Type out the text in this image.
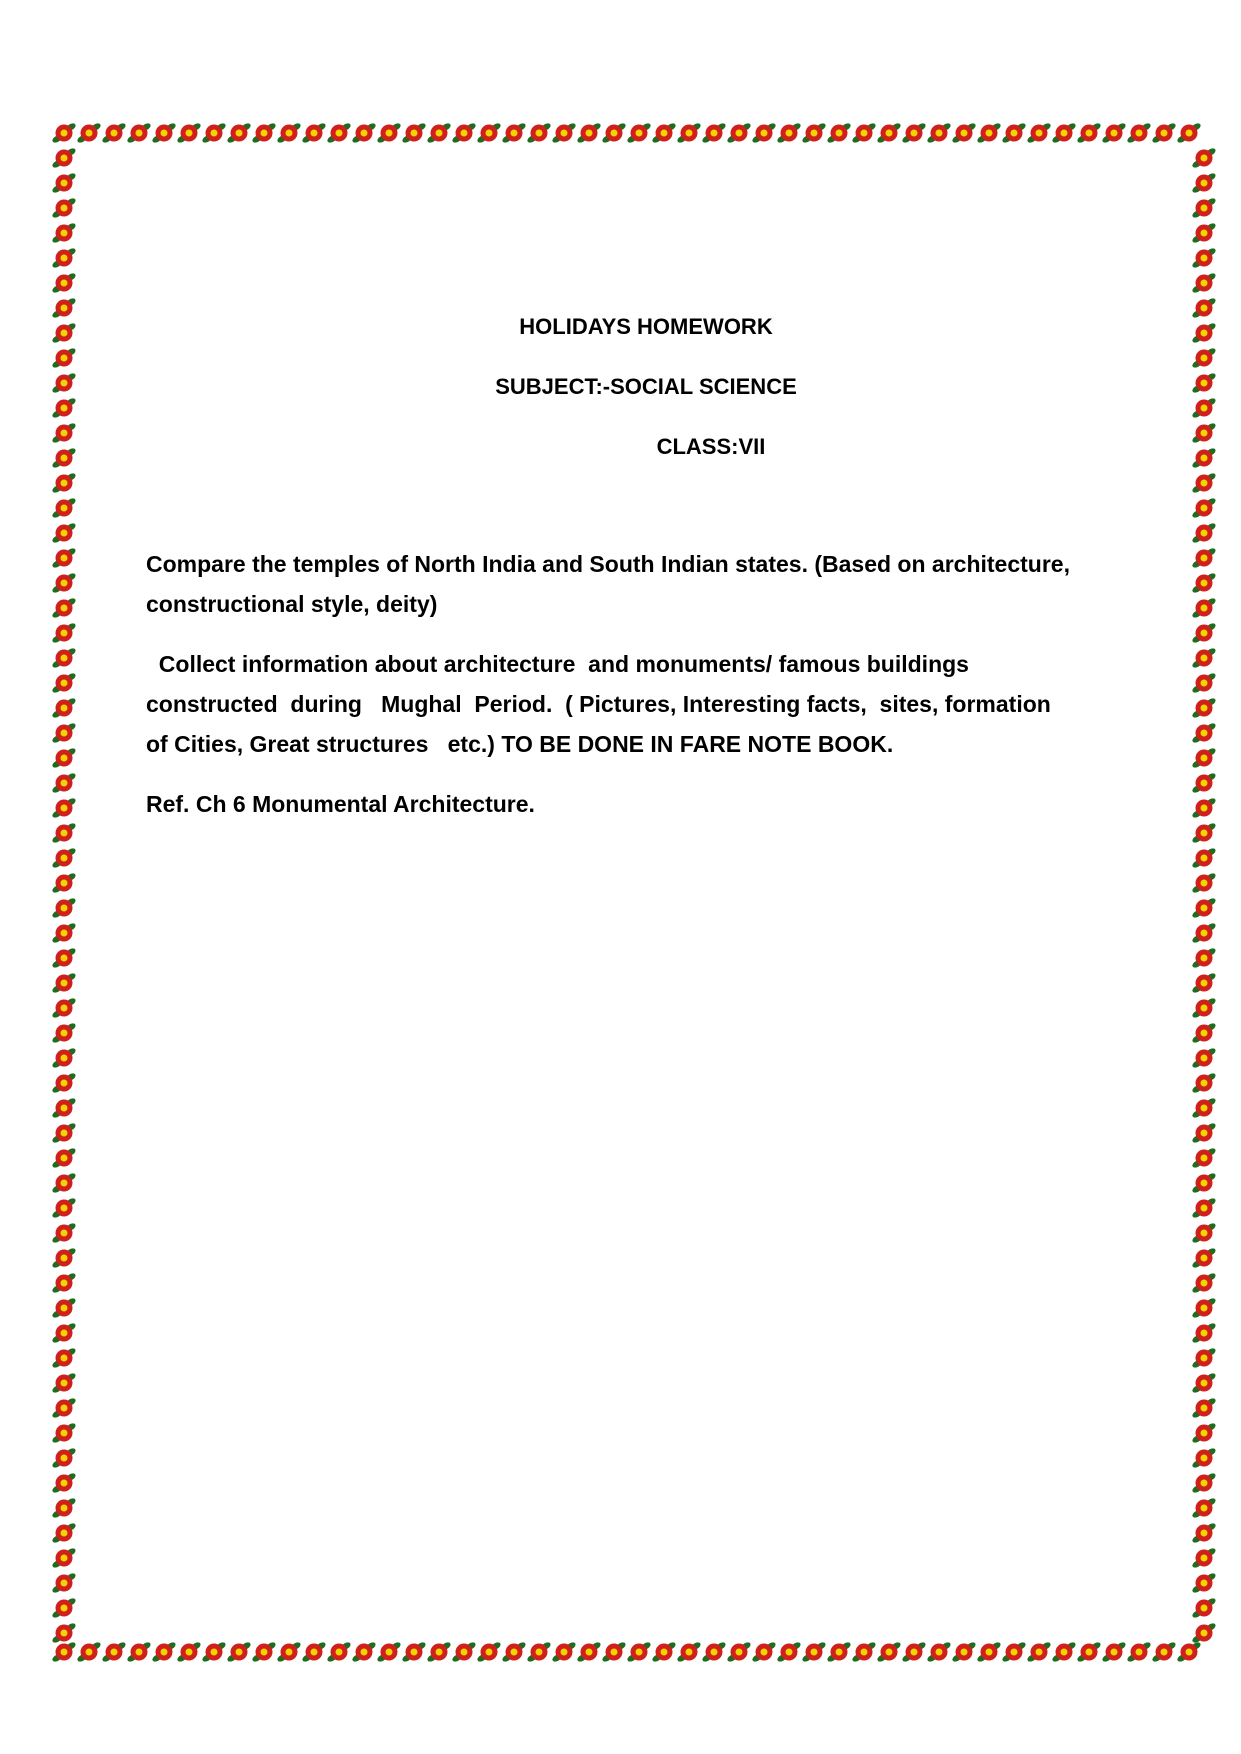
HOLIDAYS HOMEWORK

SUBJECT:-SOCIAL SCIENCE

CLASS:VII

Compare the temples of North India and South Indian states. (Based on architecture, constructional style, deity)

Collect information about architecture  and monuments/ famous buildings constructed  during   Mughal  Period.  ( Pictures, Interesting facts,  sites, formation of Cities, Great structures   etc.) TO BE DONE IN FARE NOTE BOOK.

Ref. Ch 6 Monumental Architecture.
